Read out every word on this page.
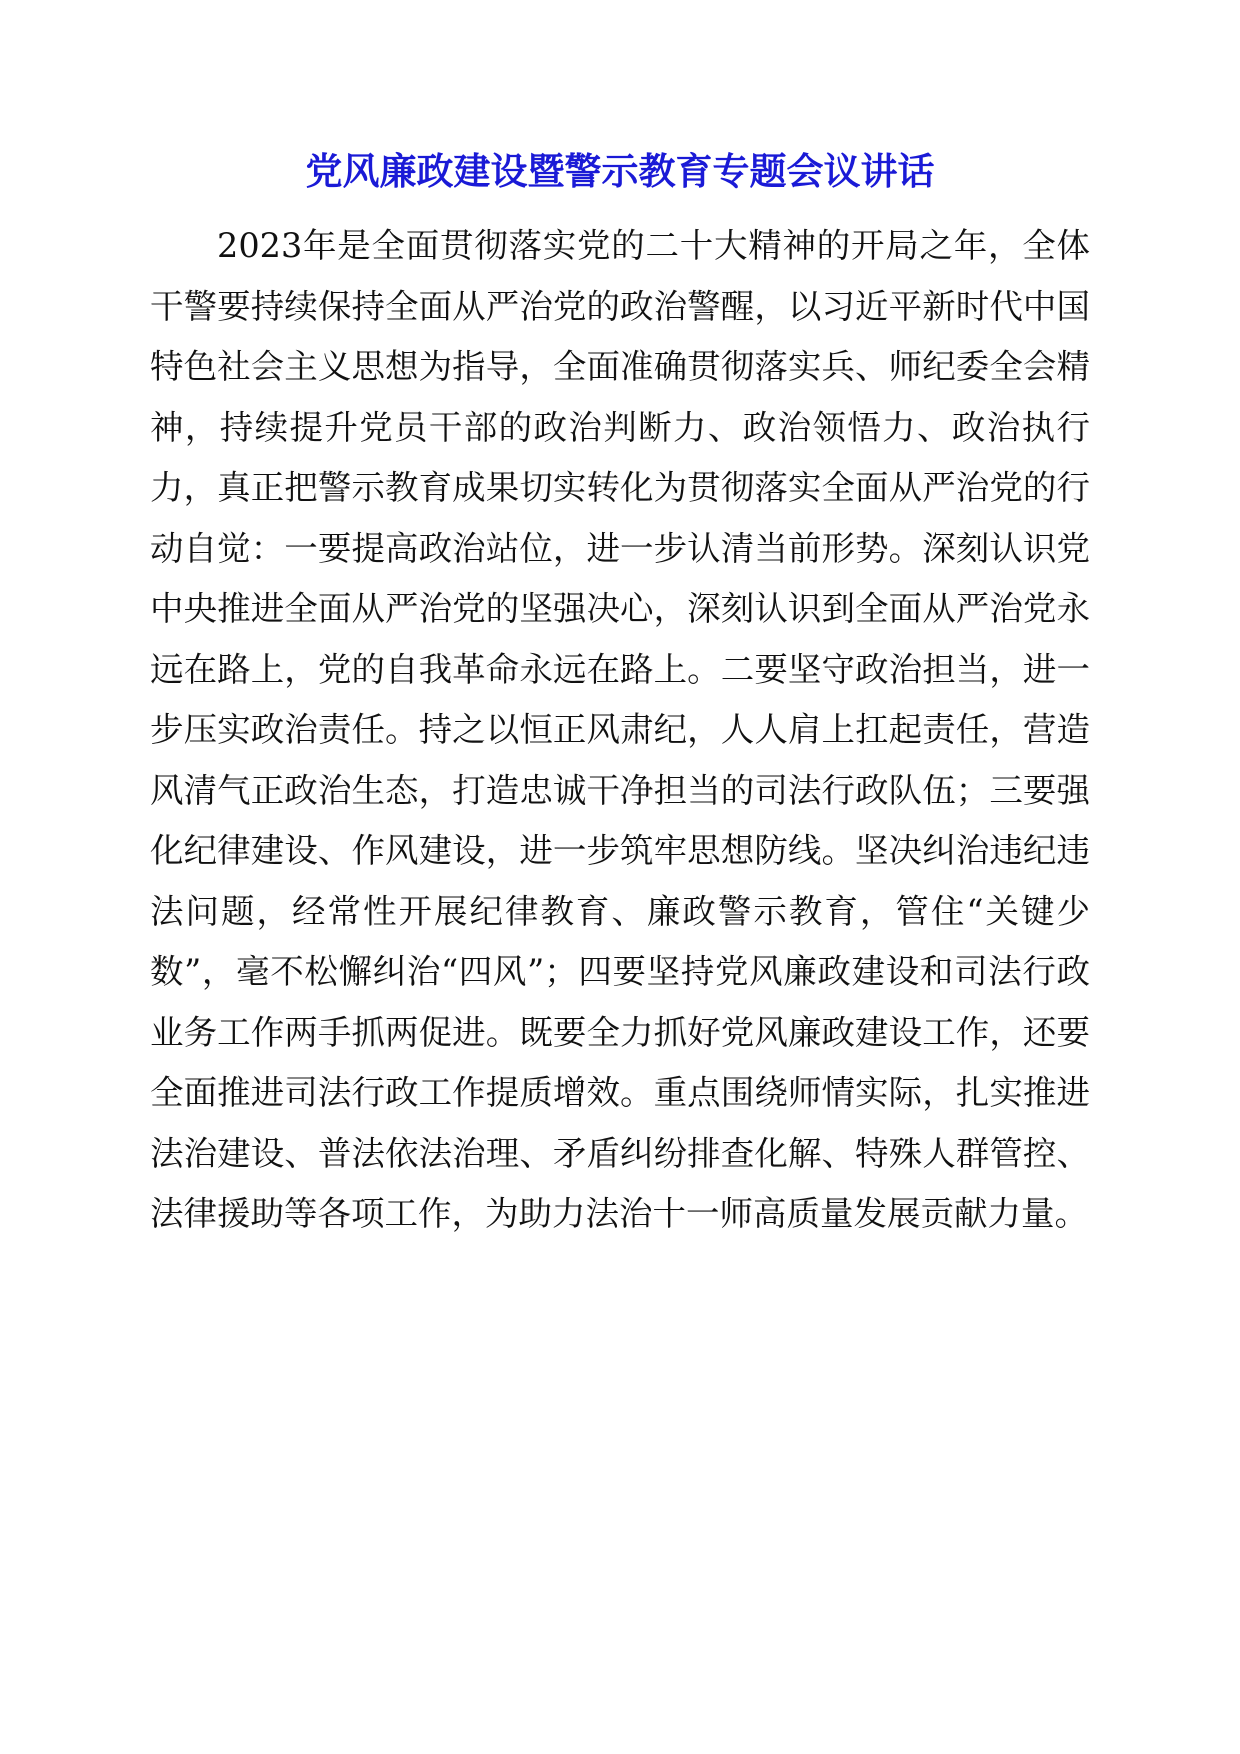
党风廉政建设暨警示教育专题会议讲话

2023年是全面贯彻落实党的二十大精神的开局之年，全体干警要持续保持全面从严治党的政治警醒，以习近平新时代中国特色社会主义思想为指导，全面准确贯彻落实兵、师纪委全会精神，持续提升党员干部的政治判断力、政治领悟力、政治执行力，真正把警示教育成果切实转化为贯彻落实全面从严治党的行动自觉：一要提高政治站位，进一步认清当前形势。深刻认识党中央推进全面从严治党的坚强决心，深刻认识到全面从严治党永远在路上，党的自我革命永远在路上。二要坚守政治担当，进一步压实政治责任。持之以恒正风肃纪，人人肩上扛起责任，营造风清气正政治生态，打造忠诚干净担当的司法行政队伍；三要强化纪律建设、作风建设，进一步筑牢思想防线。坚决纠治违纪违法问题，经常性开展纪律教育、廉政警示教育，管住“关键少数”，毫不松懈纠治“四风”；四要坚持党风廉政建设和司法行政业务工作两手抓两促进。既要全力抓好党风廉政建设工作，还要全面推进司法行政工作提质增效。重点围绕师情实际，扎实推进法治建设、普法依法治理、矛盾纠纷排查化解、特殊人群管控、法律援助等各项工作，为助力法治十一师高质量发展贡献力量。
